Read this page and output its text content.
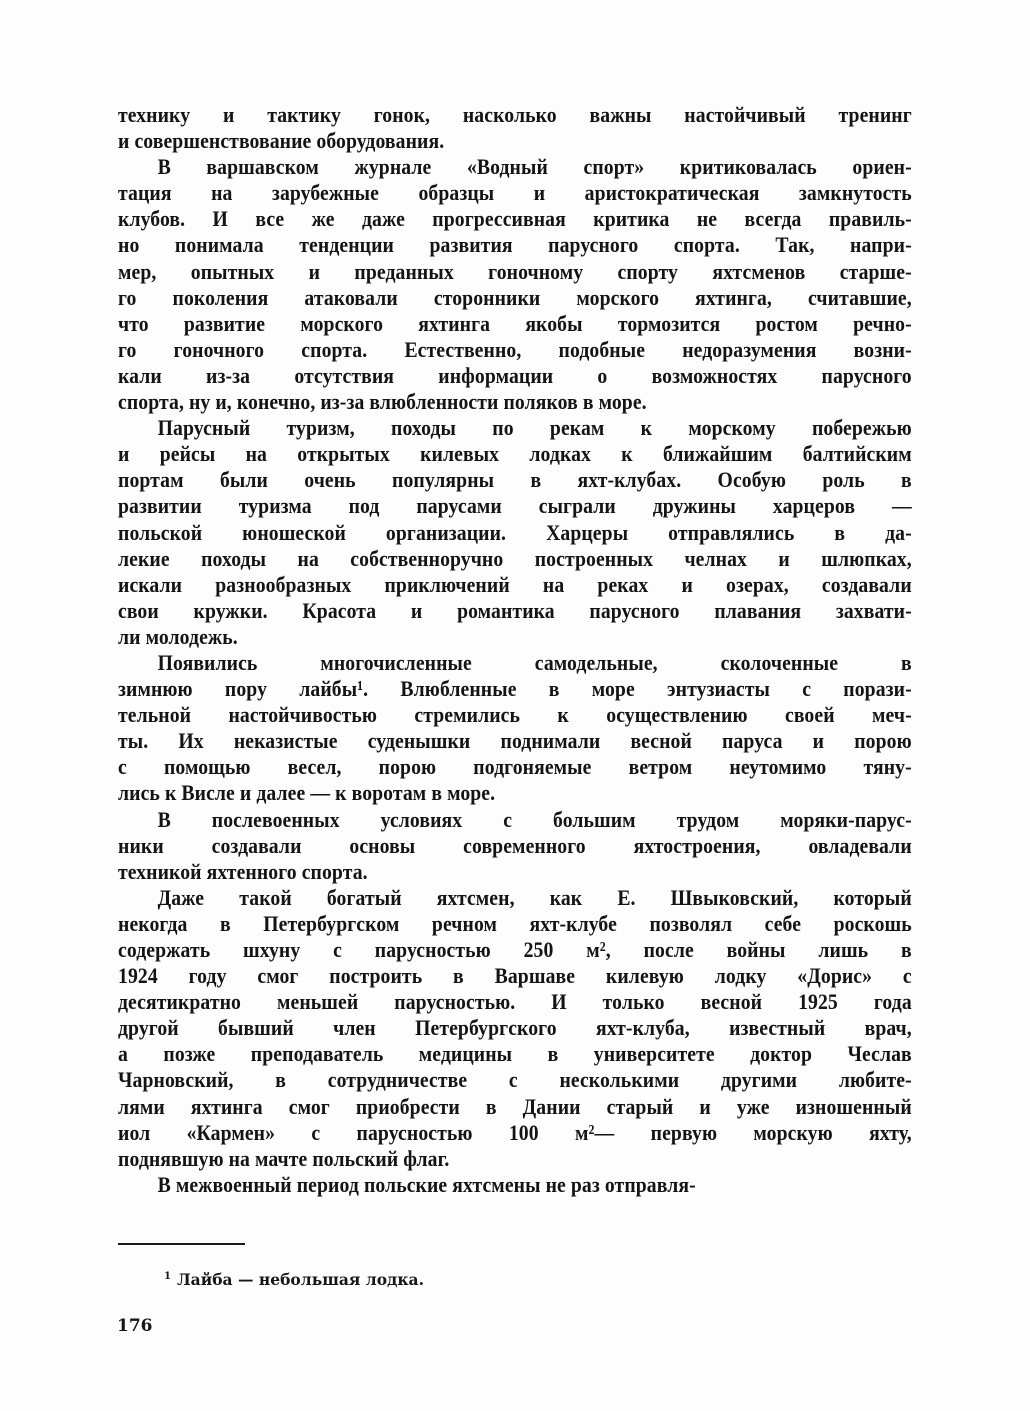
технику и тактику гонок, насколько важны настойчивый тренинг
и совершенствование оборудования.
В варшавском журнале «Водный спорт» критиковалась ориен-
тация на зарубежные образцы и аристократическая замкнутость
клубов. И все же даже прогрессивная критика не всегда правиль-
но понимала тенденции развития парусного спорта. Так, напри-
мер, опытных и преданных гоночному спорту яхтсменов старше-
го поколения атаковали сторонники морского яхтинга, считавшие,
что развитие морского яхтинга якобы тормозится ростом речно-
го гоночного спорта. Естественно, подобные недоразумения возни-
кали из-за отсутствия информации о возможностях парусного
спорта, ну и, конечно, из-за влюбленности поляков в море.
Парусный туризм, походы по рекам к морскому побережью
и рейсы на открытых килевых лодках к ближайшим балтийским
портам были очень популярны в яхт-клубах. Особую роль в
развитии туризма под парусами сыграли дружины харцеров —
польской юношеской организации. Харцеры отправлялись в да-
лекие походы на собственноручно построенных челнах и шлюпках,
искали разнообразных приключений на реках и озерах, создавали
свои кружки. Красота и романтика парусного плавания захвати-
ли молодежь.
Появились многочисленные самодельные, сколоченные в
зимнюю пору лайбы¹. Влюбленные в море энтузиасты с порази-
тельной настойчивостью стремились к осуществлению своей меч-
ты. Их неказистые суденышки поднимали весной паруса и порою
с помощью весел, порою подгоняемые ветром неутомимо тяну-
лись к Висле и далее — к воротам в море.
В послевоенных условиях с большим трудом моряки-парус-
ники создавали основы современного яхтостроения, овладевали
техникой яхтенного спорта.
Даже такой богатый яхтсмен, как Е. Швыковский, который
некогда в Петербургском речном яхт-клубе позволял себе роскошь
содержать шхуну с парусностью 250 м², после войны лишь в
1924 году смог построить в Варшаве килевую лодку «Дорис» с
десятикратно меньшей парусностью. И только весной 1925 года
другой бывший член Петербургского яхт-клуба, известный врач,
а позже преподаватель медицины в университете доктор Чеслав
Чарновский, в сотрудничестве с несколькими другими любите-
лями яхтинга смог приобрести в Дании старый и уже изношенный
иол «Кармен» с парусностью 100 м²— первую морскую яхту,
поднявшую на мачте польский флаг.
В межвоенный период польские яхтсмены не раз отправля-
$^1$ Лайба — небольшая лодка.
176
